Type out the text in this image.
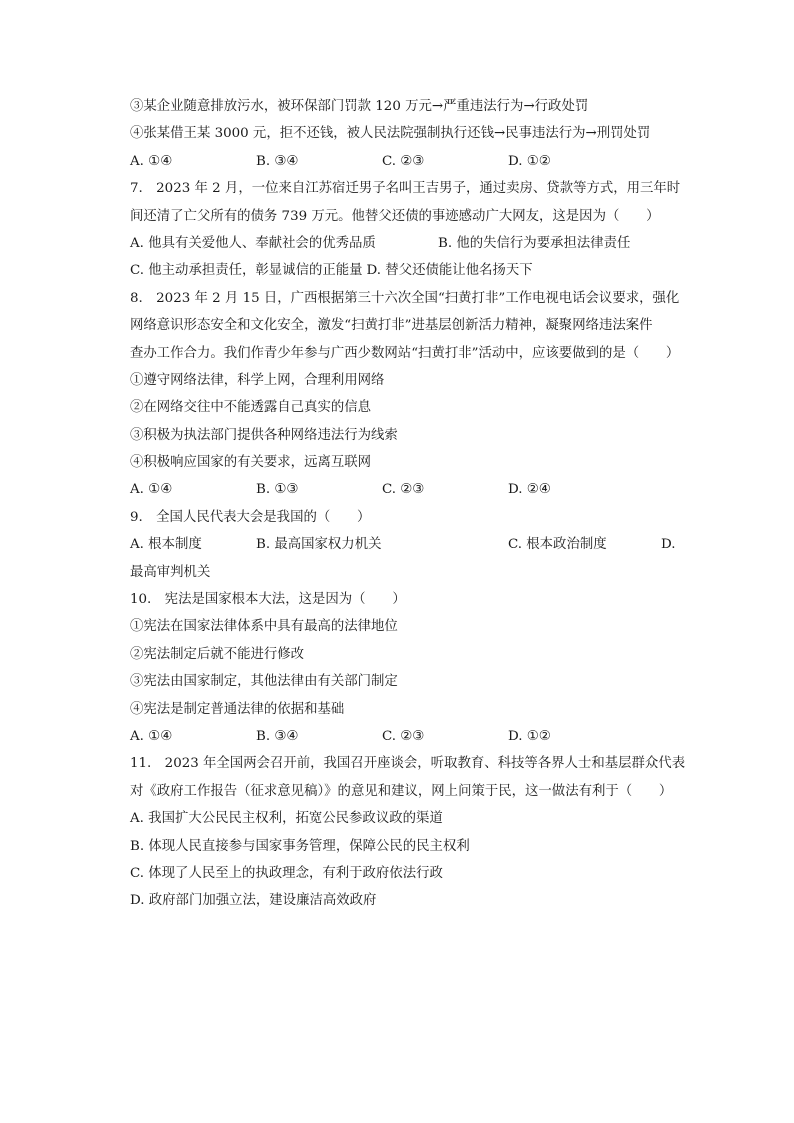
③某企业随意排放污水，被环保部门罚款 120 万元→严重违法行为→行政处罚
④张某借王某 3000 元，拒不还钱，被人民法院强制执行还钱→民事违法行为→刑罚处罚
A. ①④	B. ③④	C. ②③	D. ①②
7.　2023 年 2 月，一位来自江苏宿迁男子名叫王吉男子，通过卖房、贷款等方式，用三年时
间还清了亡父所有的债务 739 万元。他替父还债的事迹感动广大网友，这是因为（　　）
A. 他具有关爱他人、奉献社会的优秀品质	B. 他的失信行为要承担法律责任
C. 他主动承担责任，彰显诚信的正能量 D. 替父还债能让他名扬天下
8.　2023 年 2 月 15 日，广西根据第三十六次全国“扫黄打非”工作电视电话会议要求，强化
网络意识形态安全和文化安全，激发“扫黄打非”进基层创新活力精神，凝聚网络违法案件
查办工作合力。我们作青少年参与广西少数网站“扫黄打非”活动中，应该要做到的是（　　）
①遵守网络法律，科学上网，合理利用网络
②在网络交往中不能透露自己真实的信息
③积极为执法部门提供各种网络违法行为线索
④积极响应国家的有关要求，远离互联网
A. ①④	B. ①③	C. ②③	D. ②④
9.　全国人民代表大会是我国的（　　）
A. 根本制度	B. 最高国家权力机关	C. 根本政治制度	D.
最高审判机关
10.　宪法是国家根本大法，这是因为（　　）
①宪法在国家法律体系中具有最高的法律地位
②宪法制定后就不能进行修改
③宪法由国家制定，其他法律由有关部门制定
④宪法是制定普通法律的依据和基础
A. ①④	B. ③④	C. ②③	D. ①②
11.　2023 年全国两会召开前，我国召开座谈会，听取教育、科技等各界人士和基层群众代表
对《政府工作报告（征求意见稿）》的意见和建议，网上问策于民，这一做法有利于（　　）
A. 我国扩大公民民主权利，拓宽公民参政议政的渠道
B. 体现人民直接参与国家事务管理，保障公民的民主权利
C. 体现了人民至上的执政理念，有利于政府依法行政
D. 政府部门加强立法，建设廉洁高效政府
